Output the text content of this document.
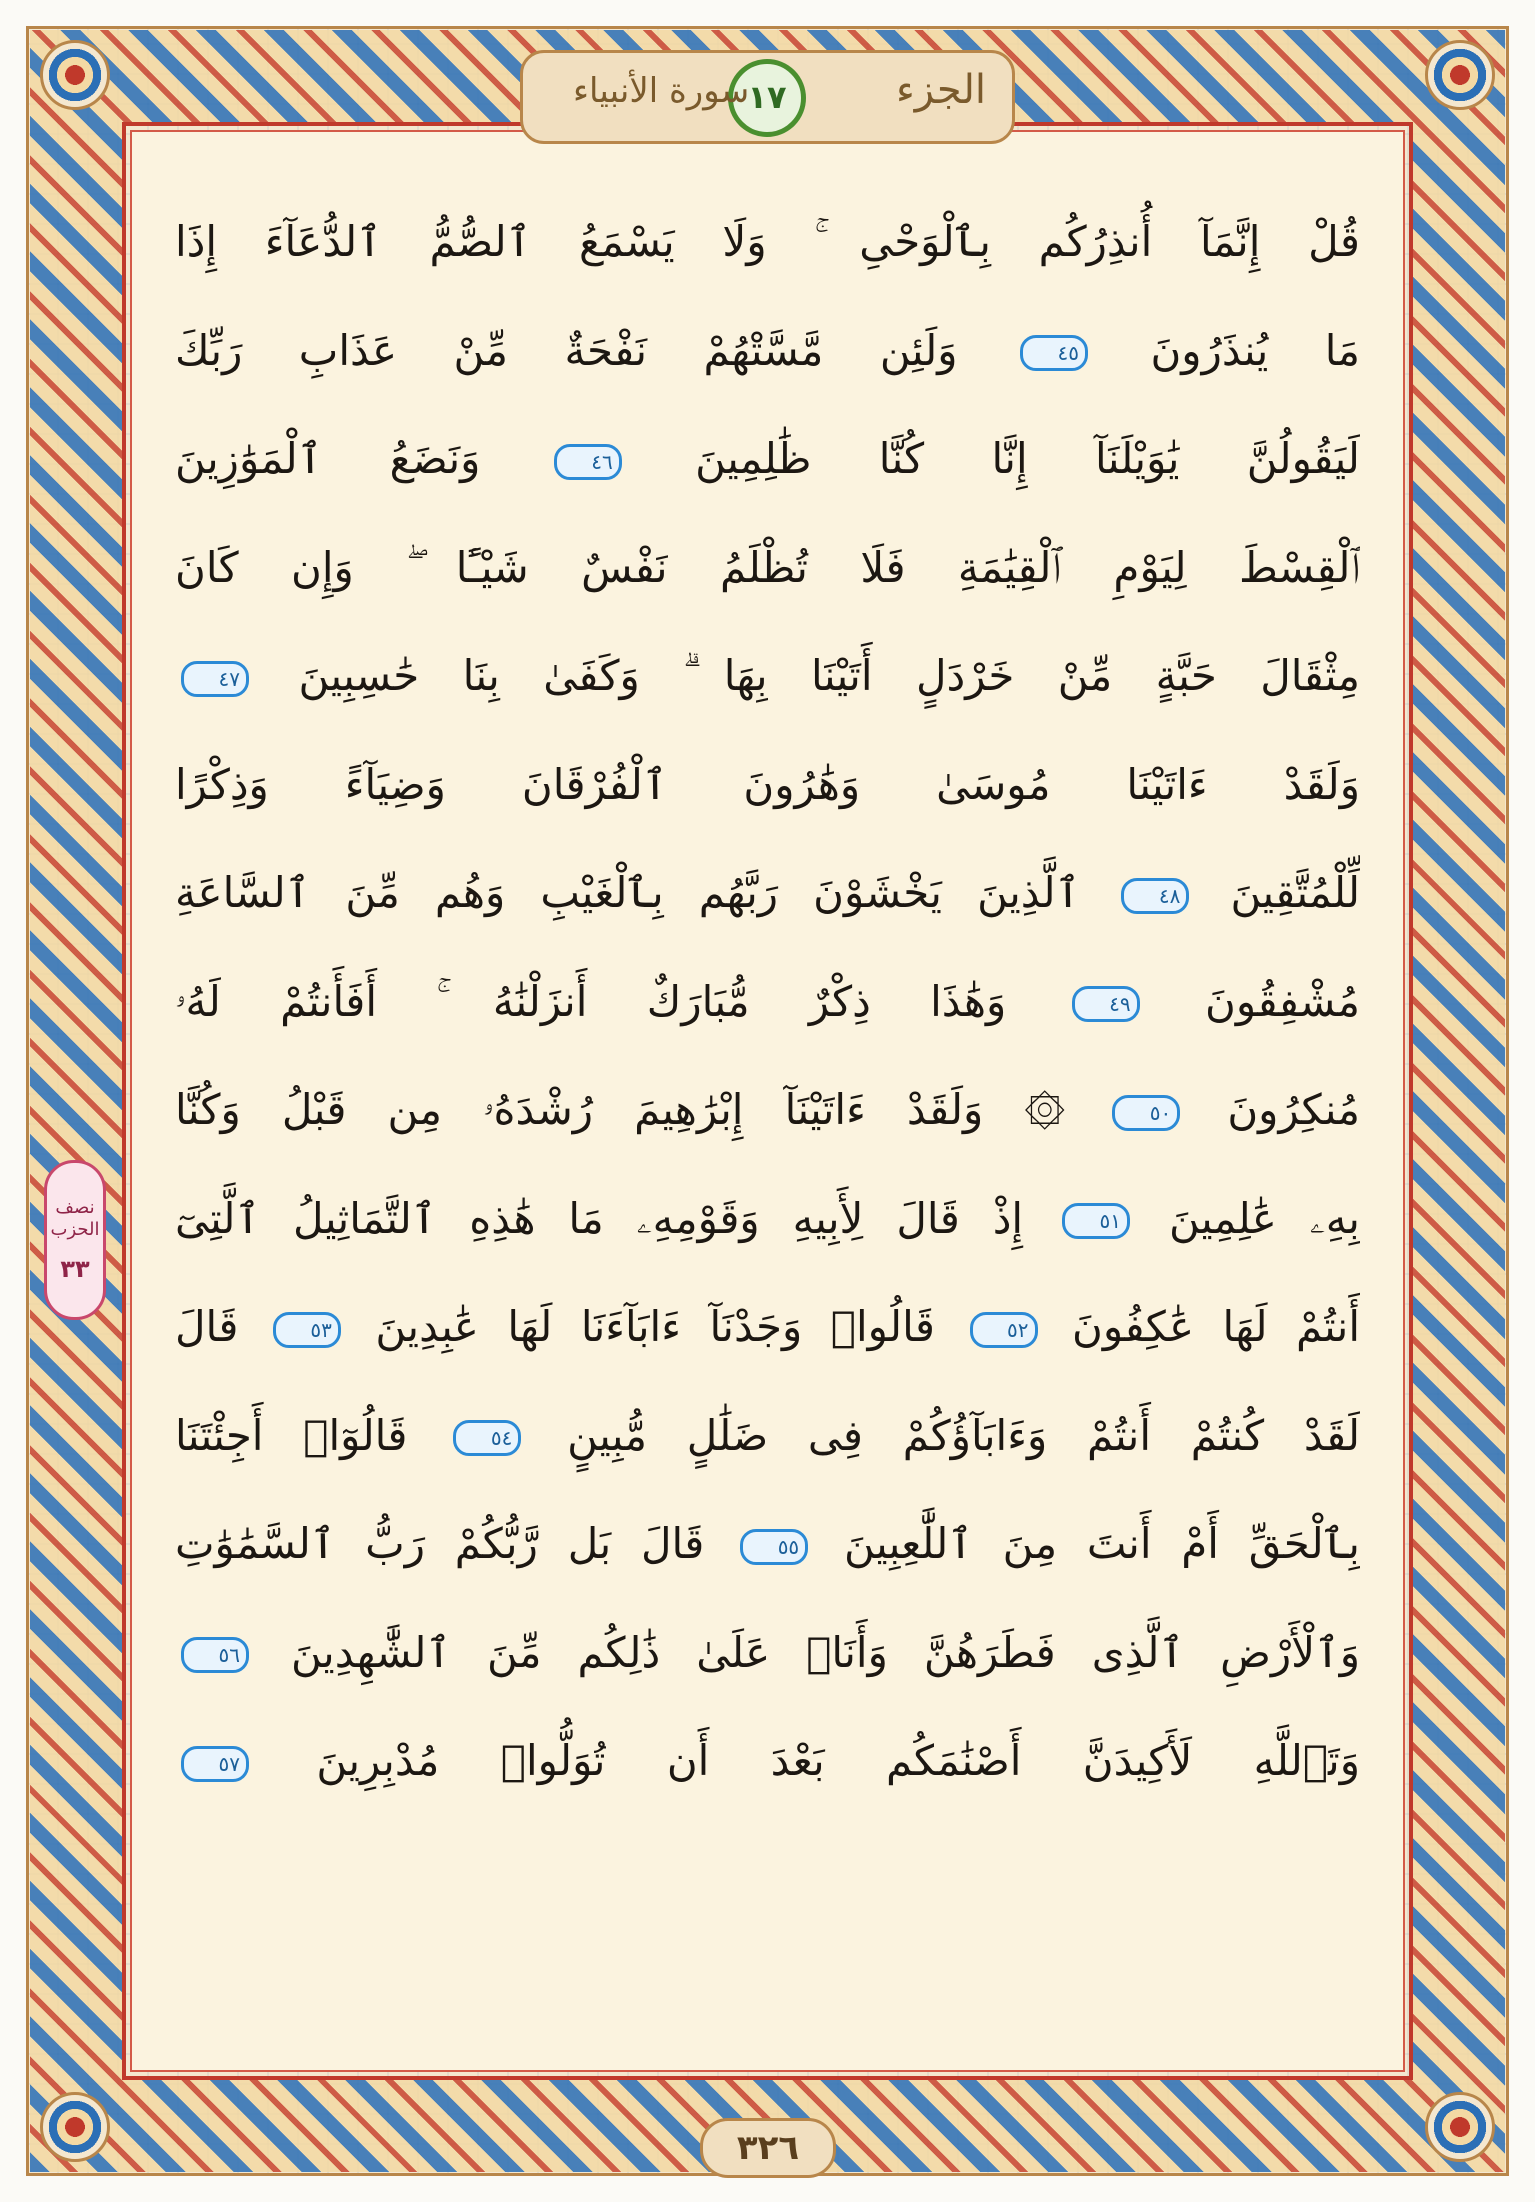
الجزء
١٧
سورة الأنبياء
نصف الحزب
٣٣
قُلْ إِنَّمَآ أُنذِرُكُم بِٱلْوَحْىِ ۚ وَلَا يَسْمَعُ ٱلصُّمُّ ٱلدُّعَآءَ إِذَا
مَا يُنذَرُونَ ٤٥ وَلَئِن مَّسَّتْهُمْ نَفْحَةٌ مِّنْ عَذَابِ رَبِّكَ
لَيَقُولُنَّ يَٰوَيْلَنَآ إِنَّا كُنَّا ظَٰلِمِينَ ٤٦ وَنَضَعُ ٱلْمَوَٰزِينَ
ٱلْقِسْطَ لِيَوْمِ ٱلْقِيَٰمَةِ فَلَا تُظْلَمُ نَفْسٌ شَيْـًٔا ۖ وَإِن كَانَ
مِثْقَالَ حَبَّةٍ مِّنْ خَرْدَلٍ أَتَيْنَا بِهَا ۗ وَكَفَىٰ بِنَا حَٰسِبِينَ ٤٧
وَلَقَدْ ءَاتَيْنَا مُوسَىٰ وَهَٰرُونَ ٱلْفُرْقَانَ وَضِيَآءً وَذِكْرًا
لِّلْمُتَّقِينَ ٤٨ ٱلَّذِينَ يَخْشَوْنَ رَبَّهُم بِٱلْغَيْبِ وَهُم مِّنَ ٱلسَّاعَةِ
مُشْفِقُونَ ٤٩ وَهَٰذَا ذِكْرٌ مُّبَارَكٌ أَنزَلْنَٰهُ ۚ أَفَأَنتُمْ لَهُۥ
مُنكِرُونَ ٥٠ ۞ وَلَقَدْ ءَاتَيْنَآ إِبْرَٰهِيمَ رُشْدَهُۥ مِن قَبْلُ وَكُنَّا
بِهِۦ عَٰلِمِينَ ٥١ إِذْ قَالَ لِأَبِيهِ وَقَوْمِهِۦ مَا هَٰذِهِ ٱلتَّمَاثِيلُ ٱلَّتِىٓ
أَنتُمْ لَهَا عَٰكِفُونَ ٥٢ قَالُوا۟ وَجَدْنَآ ءَابَآءَنَا لَهَا عَٰبِدِينَ ٥٣ قَالَ
لَقَدْ كُنتُمْ أَنتُمْ وَءَابَآؤُكُمْ فِى ضَلَٰلٍ مُّبِينٍ ٥٤ قَالُوٓا۟ أَجِئْتَنَا
بِٱلْحَقِّ أَمْ أَنتَ مِنَ ٱللَّٰعِبِينَ ٥٥ قَالَ بَل رَّبُّكُمْ رَبُّ ٱلسَّمَٰوَٰتِ
وَٱلْأَرْضِ ٱلَّذِى فَطَرَهُنَّ وَأَنَا۠ عَلَىٰ ذَٰلِكُم مِّنَ ٱلشَّٰهِدِينَ ٥٦
وَتَٱللَّهِ لَأَكِيدَنَّ أَصْنَٰمَكُم بَعْدَ أَن تُوَلُّوا۟ مُدْبِرِينَ ٥٧
٣٢٦
